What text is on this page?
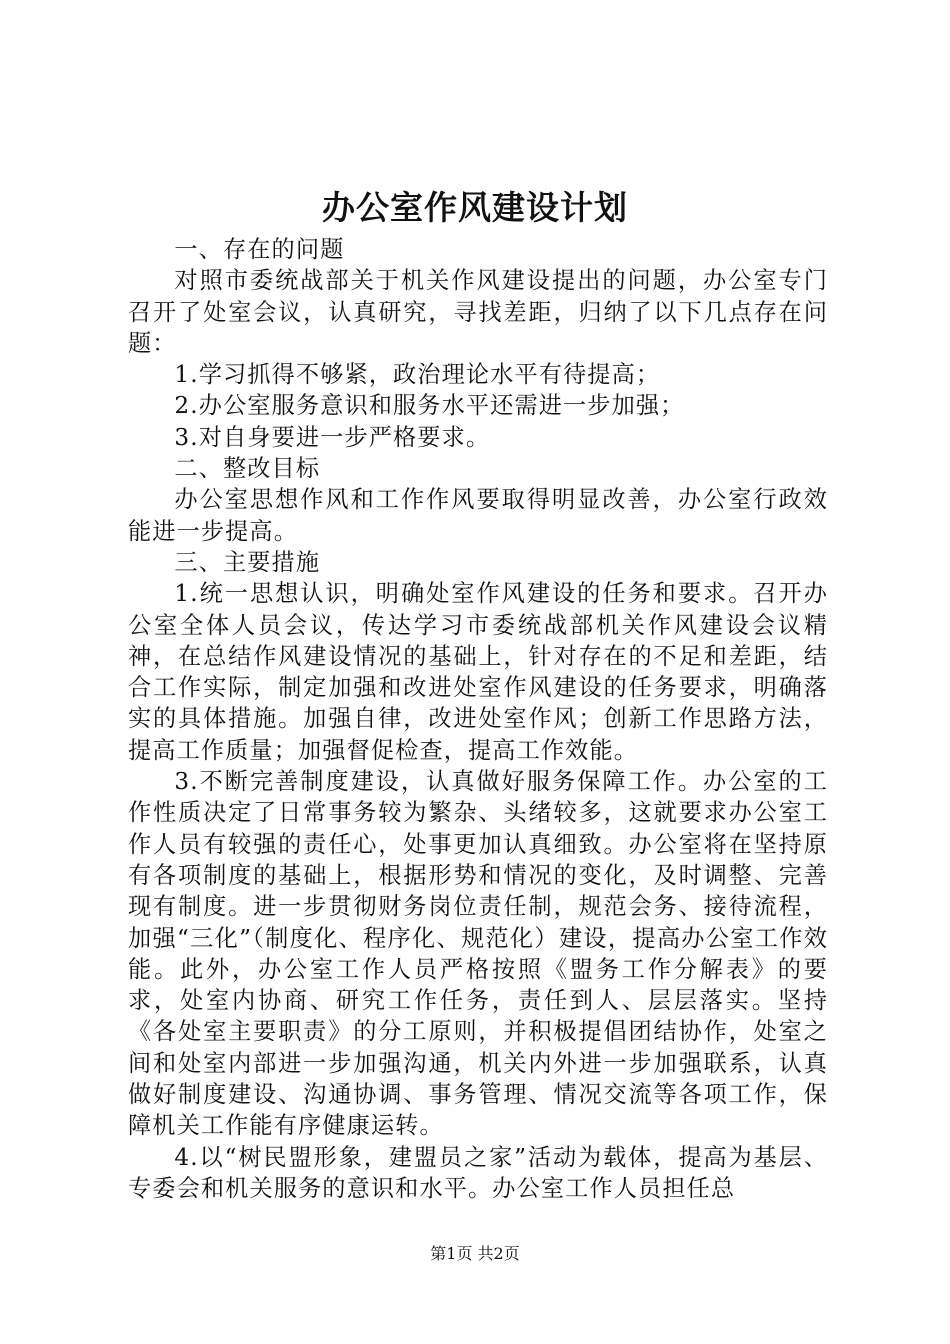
办公室作风建设计划

一、存在的问题

对照市委统战部关于机关作风建设提出的问题，办公室专门召开了处室会议，认真研究，寻找差距，归纳了以下几点存在问题：

1.学习抓得不够紧，政治理论水平有待提高；

2.办公室服务意识和服务水平还需进一步加强；

3.对自身要进一步严格要求。

二、整改目标

办公室思想作风和工作作风要取得明显改善，办公室行政效能进一步提高。

三、主要措施

1.统一思想认识，明确处室作风建设的任务和要求。召开办公室全体人员会议，传达学习市委统战部机关作风建设会议精神，在总结作风建设情况的基础上，针对存在的不足和差距，结合工作实际，制定加强和改进处室作风建设的任务要求，明确落实的具体措施。加强自律，改进处室作风；创新工作思路方法，提高工作质量；加强督促检查，提高工作效能。

3.不断完善制度建设，认真做好服务保障工作。办公室的工作性质决定了日常事务较为繁杂、头绪较多，这就要求办公室工作人员有较强的责任心，处事更加认真细致。办公室将在坚持原有各项制度的基础上，根据形势和情况的变化，及时调整、完善现有制度。进一步贯彻财务岗位责任制，规范会务、接待流程，加强“三化”（制度化、程序化、规范化）建设，提高办公室工作效能。此外，办公室工作人员严格按照《盟务工作分解表》的要求，处室内协商、研究工作任务，责任到人、层层落实。坚持《各处室主要职责》的分工原则，并积极提倡团结协作，处室之间和处室内部进一步加强沟通，机关内外进一步加强联系，认真做好制度建设、沟通协调、事务管理、情况交流等各项工作，保障机关工作能有序健康运转。

4.以“树民盟形象，建盟员之家”活动为载体，提高为基层、专委会和机关服务的意识和水平。办公室工作人员担任总

第1页 共2页
